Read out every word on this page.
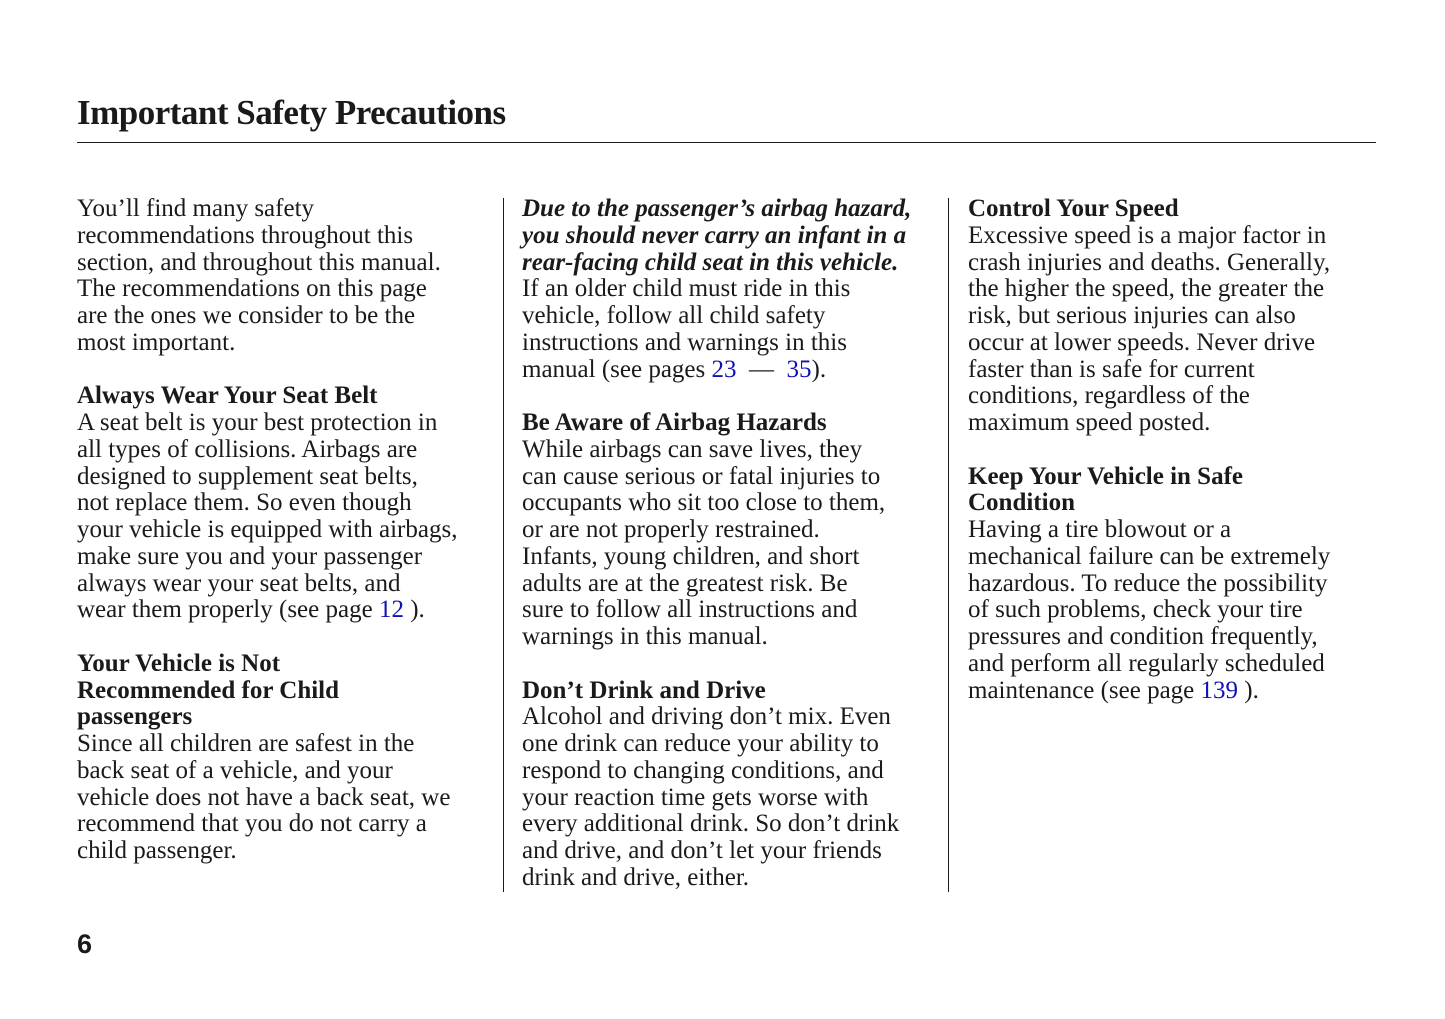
Important Safety Precautions
You’ll find many safety
recommendations throughout this
section, and throughout this manual.
The recommendations on this page
are the ones we consider to be the
most important.
Always Wear Your Seat Belt
A seat belt is your best protection in
all types of collisions. Airbags are
designed to supplement seat belts,
not replace them. So even though
your vehicle is equipped with airbags,
make sure you and your passenger
always wear your seat belts, and
wear them properly (see page 12 ).
Your Vehicle is Not
Recommended for Child
passengers
Since all children are safest in the
back seat of a vehicle, and your
vehicle does not have a back seat, we
recommend that you do not carry a
child passenger.
Due to the passenger’s airbag hazard,
you should never carry an infant in a
rear-facing child seat in this vehicle.
If an older child must ride in this
vehicle, follow all child safety
instructions and warnings in this
manual (see pages 23  —  35).
Be Aware of Airbag Hazards
While airbags can save lives, they
can cause serious or fatal injuries to
occupants who sit too close to them,
or are not properly restrained.
Infants, young children, and short
adults are at the greatest risk. Be
sure to follow all instructions and
warnings in this manual.
Don’t Drink and Drive
Alcohol and driving don’t mix. Even
one drink can reduce your ability to
respond to changing conditions, and
your reaction time gets worse with
every additional drink. So don’t drink
and drive, and don’t let your friends
drink and drive, either.
Control Your Speed
Excessive speed is a major factor in
crash injuries and deaths. Generally,
the higher the speed, the greater the
risk, but serious injuries can also
occur at lower speeds. Never drive
faster than is safe for current
conditions, regardless of the
maximum speed posted.
Keep Your Vehicle in Safe
Condition
Having a tire blowout or a
mechanical failure can be extremely
hazardous. To reduce the possibility
of such problems, check your tire
pressures and condition frequently,
and perform all regularly scheduled
maintenance (see page 139 ).
6
